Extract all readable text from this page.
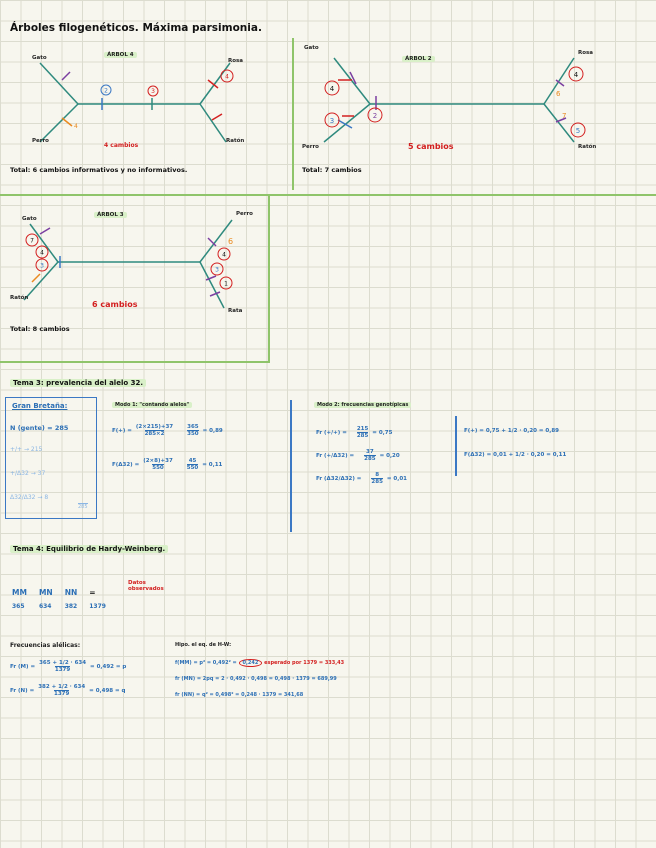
Árboles filogenéticos. Máxima parsimonia.
2	3
4
4
ÁRBOL 4
Gato	Rosa
Perro	Ratón
4 cambios
Total: 6 cambios informativos y no informativos.
4
3
2
6
7
5
4
ÁRBOL 2
Gato
Rosa
Perro	Ratón
5 cambios
Total: 7 cambios
7
4
3
6
4
3
1
ÁRBOL 3
Gato
Perro
Ratón
Rata
6 cambios
Total: 8 cambios
Tema 3: prevalencia del alelo 32.
Gran Bretaña:
N (gente) = 285
+/+ → 215
+/Δ32 → 37
Δ32/Δ32 → 8
285
Modo 1: "contando alelos"
$F(+) = \frac{(2\times 215)+37}{285\times 2}$	$\frac{365}{350} = 0,89$
$F(\Delta 32) = \frac{(2\times 8)+37}{550}$	$\frac{45}{550} = 0,11$
Modo 2: frecuencias genotípicas
Fr (+/+) = $\frac{215}{285} = 0,75$
Fr $(+/\Delta 32) = \frac{37}{285} = 0,20$
Fr $(\Delta 32/\Delta 32) = \frac{8}{285} = 0,01$
F(+) = 0,75 + 1/2 · 0,20 = 0,89
F(Δ32) = 0,01 + 1/2 · 0,20 = 0,11
Tema 4: Equilibrio de Hardy-Weinberg.
Datos observados
MM	MN	NN	=
365	634	382	1379
Frecuencias alélicas:
Fr $(M) = \frac{365 + 1/2 \cdot 634}{1379} = 0,492 = p$
Fr $(N) = \frac{382 + 1/2 \cdot 634}{1379} = 0,498 = q$
Hipo. el eq. de H-W:
f(MM) = p² = 0,492² = 0,242 esperado por 1379 = 333,43
fr (MN) = 2pq = 2 · 0,492 · 0,498 = 0,498 · 1379 = 689,99
fr (NN) = q² = 0,498² = 0,248 · 1379 = 341,68
